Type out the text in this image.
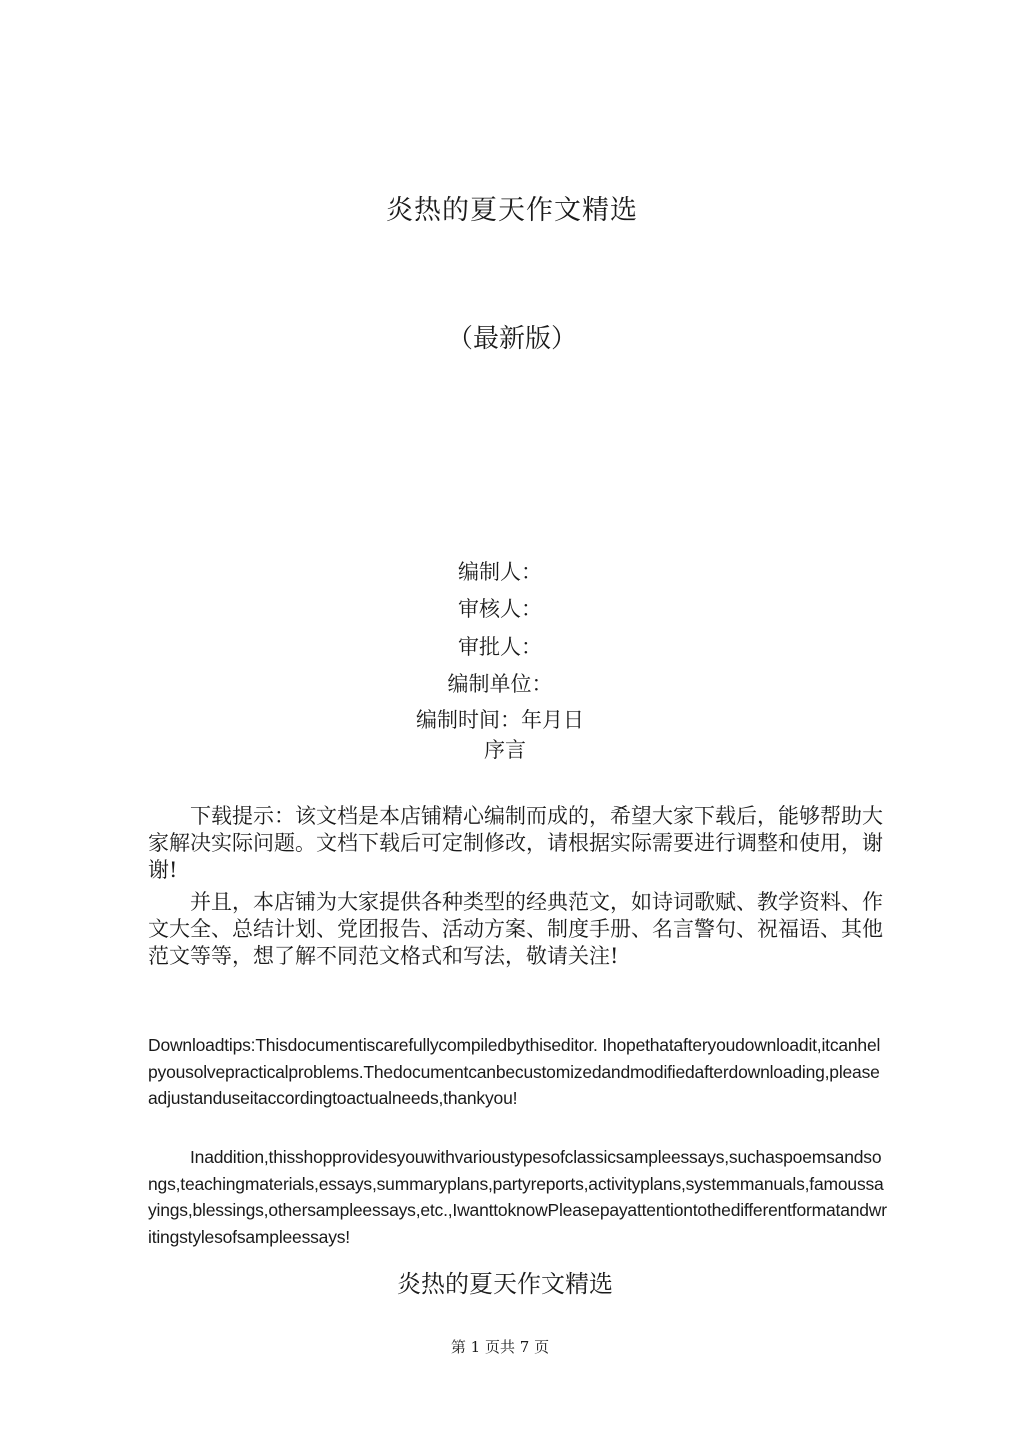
炎热的夏天作文精选
（最新版）
编制人：
审核人：
审批人：
编制单位：
编制时间：年月日
序言
下载提示：该文档是本店铺精心编制而成的，希望大家下载后，能够帮助大家解决实际问题。文档下载后可定制修改，请根据实际需要进行调整和使用，谢谢!
并且，本店铺为大家提供各种类型的经典范文，如诗词歌赋、教学资料、作文大全、总结计划、党团报告、活动方案、制度手册、名言警句、祝福语、其他范文等等，想了解不同范文格式和写法，敬请关注!
Downloadtips:Thisdocumentiscarefullycompiledbythiseditor. Ihopethatafteryoudownloadit,itcanhelpyousolvepracticalproblems.Thedocumentcanbecustomizedandmodifiedafterdownloading,pleaseadjustanduseitaccordingtoactualneeds,thankyou!
Inaddition,thisshopprovidesyouwithvarioustypesofclassicsampleessays,suchaspoemsandsongs,teachingmaterials,essays,summaryplans,partyreports,activityplans,systemmanuals,famoussayings,blessings,othersampleessays,etc.,IwanttoknowPleasepayattentiontothedifferentformatandwritingstylesofsampleessays!
炎热的夏天作文精选
第 1 页共 7 页
